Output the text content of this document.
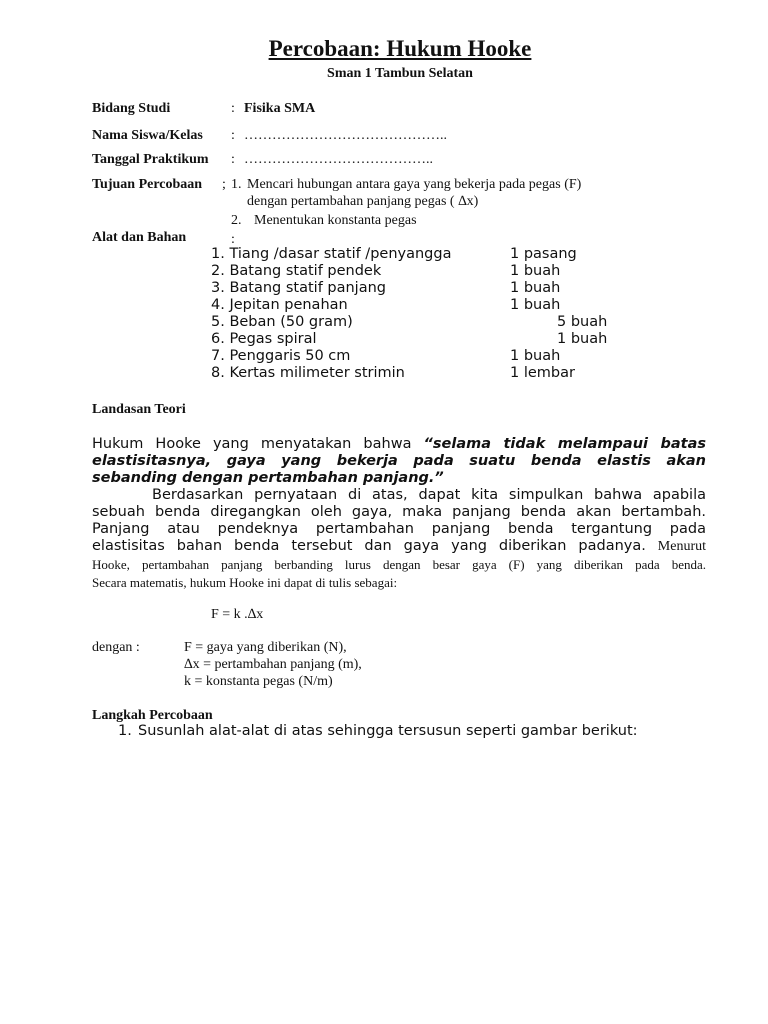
Percobaan: Hukum Hooke
Sman 1 Tambun Selatan
Bidang Studi	: Fisika SMA
Nama Siswa/Kelas : ……………………………………..
Tanggal Praktikum : …………………………………..
Tujuan Percobaan ; 1. Mencari hubungan antara gaya yang bekerja pada pegas (F)
dengan pertambahan panjang pegas ( ∆x)
2. Menentukan konstanta pegas
Alat dan Bahan	:
1. Tiang /dasar statif /penyangga	1 pasang
2. Batang statif pendek	1 buah
3. Batang statif panjang	1 buah
4. Jepitan penahan	1 buah
5. Beban (50 gram)	5 buah
6. Pegas spiral	1 buah
7. Penggaris 50 cm	1 buah
8. Kertas milimeter strimin	1 lembar
Landasan Teori
Hukum Hooke yang menyatakan bahwa “selama tidak melampaui batas
elastisitasnya, gaya yang bekerja pada suatu benda elastis akan
sebanding dengan pertambahan panjang.”
Berdasarkan pernyataan di atas, dapat kita simpulkan bahwa apabila
sebuah benda diregangkan oleh gaya, maka panjang benda akan bertambah.
Panjang atau pendeknya pertambahan panjang benda tergantung pada
elastisitas bahan benda tersebut dan gaya yang diberikan padanya. Menurut
Hooke, pertambahan panjang berbanding lurus dengan besar gaya (F) yang diberikan pada benda.
Secara matematis, hukum Hooke ini dapat di tulis sebagai:
F = k .∆x
dengan :	F = gaya yang diberikan (N),
∆x = pertambahan panjang (m),
k = konstanta pegas (N/m)
Langkah Percobaan
1. Susunlah alat-alat di atas sehingga tersusun seperti gambar berikut:
